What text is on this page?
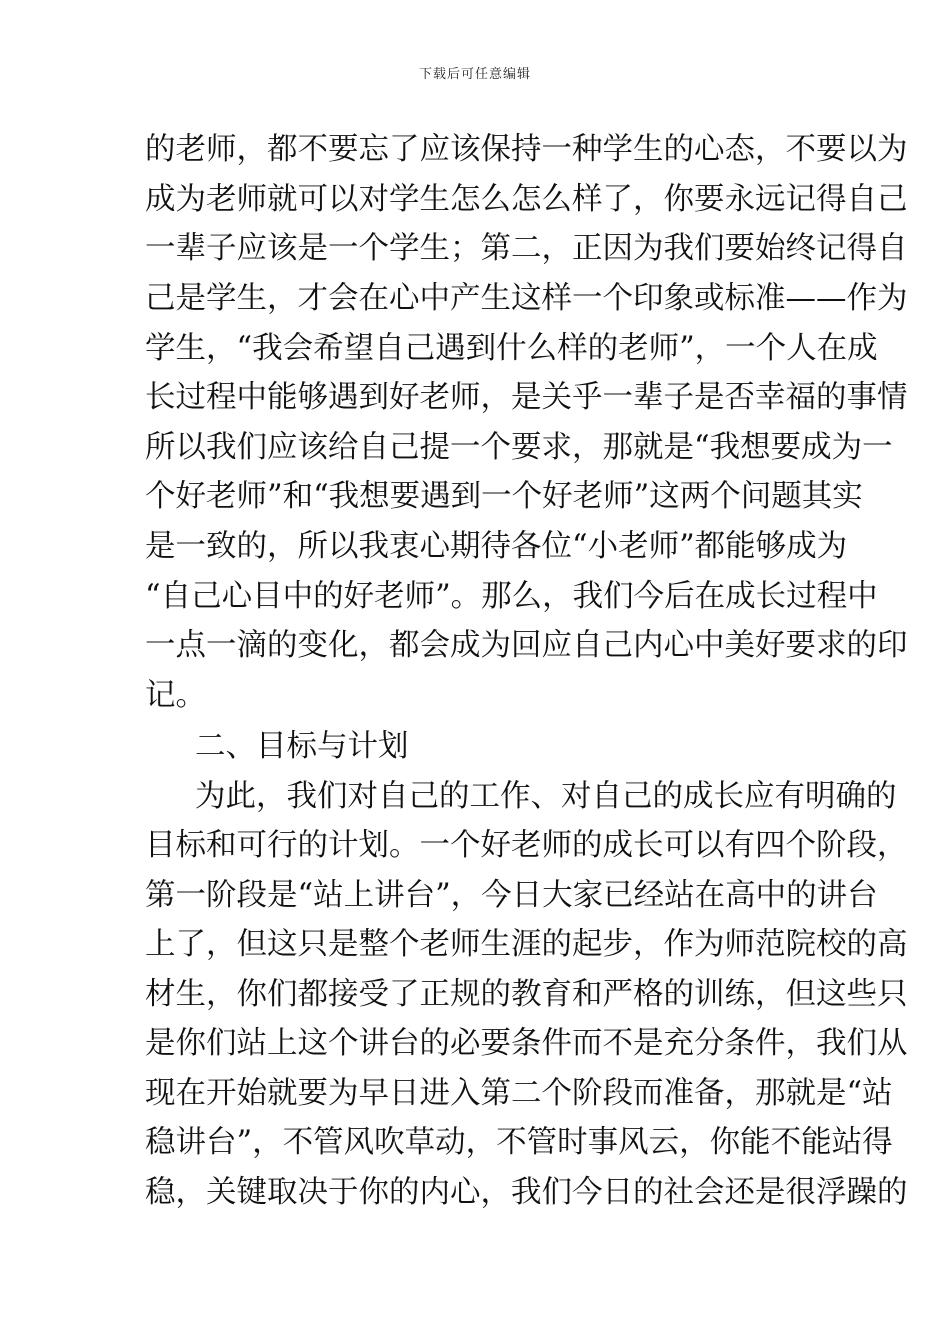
下载后可任意编辑
的老师，都不要忘了应该保持一种学生的心态，不要以为
成为老师就可以对学生怎么怎么样了，你要永远记得自己
一辈子应该是一个学生；第二，正因为我们要始终记得自
己是学生，才会在心中产生这样一个印象或标准——作为
学生，“我会希望自己遇到什么样的老师”，一个人在成
长过程中能够遇到好老师，是关乎一辈子是否幸福的事情
所以我们应该给自己提一个要求，那就是“我想要成为一
个好老师”和“我想要遇到一个好老师”这两个问题其实
是一致的，所以我衷心期待各位“小老师”都能够成为
“自己心目中的好老师”。那么，我们今后在成长过程中
一点一滴的变化，都会成为回应自己内心中美好要求的印
记。
二、目标与计划
为此，我们对自己的工作、对自己的成长应有明确的
目标和可行的计划。一个好老师的成长可以有四个阶段，
第一阶段是“站上讲台”，今日大家已经站在高中的讲台
上了，但这只是整个老师生涯的起步，作为师范院校的高
材生，你们都接受了正规的教育和严格的训练，但这些只
是你们站上这个讲台的必要条件而不是充分条件，我们从
现在开始就要为早日进入第二个阶段而准备，那就是“站
稳讲台”，不管风吹草动，不管时事风云，你能不能站得
稳，关键取决于你的内心，我们今日的社会还是很浮躁的
